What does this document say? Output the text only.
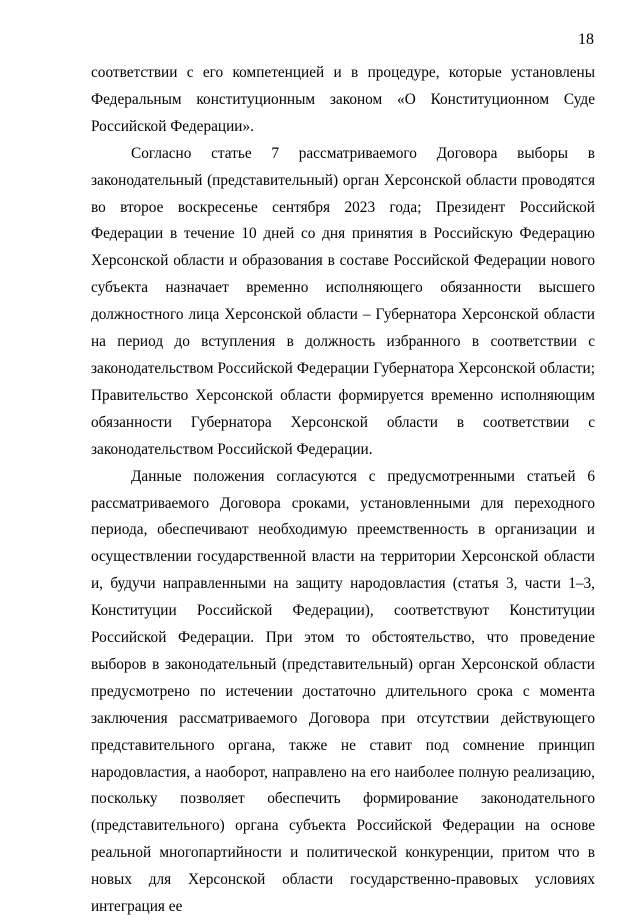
18

соответствии с его компетенцией и в процедуре, которые установлены Федеральным конституционным законом «О Конституционном Суде Российской Федерации».

Согласно статье 7 рассматриваемого Договора выборы в законодательный (представительный) орган Херсонской области проводятся во второе воскресенье сентября 2023 года; Президент Российской Федерации в течение 10 дней со дня принятия в Российскую Федерацию Херсонской области и образования в составе Российской Федерации нового субъекта назначает временно исполняющего обязанности высшего должностного лица Херсонской области – Губернатора Херсонской области на период до вступления в должность избранного в соответствии с законодательством Российской Федерации Губернатора Херсонской области; Правительство Херсонской области формируется временно исполняющим обязанности Губернатора Херсонской области в соответствии с законодательством Российской Федерации.

Данные положения согласуются с предусмотренными статьей 6 рассматриваемого Договора сроками, установленными для переходного периода, обеспечивают необходимую преемственность в организации и осуществлении государственной власти на территории Херсонской области и, будучи направленными на защиту народовластия (статья 3, части 1–3, Конституции Российской Федерации), соответствуют Конституции Российской Федерации. При этом то обстоятельство, что проведение выборов в законодательный (представительный) орган Херсонской области предусмотрено по истечении достаточно длительного срока с момента заключения рассматриваемого Договора при отсутствии действующего представительного органа, также не ставит под сомнение принцип народовластия, а наоборот, направлено на его наиболее полную реализацию, поскольку позволяет обеспечить формирование законодательного (представительного) органа субъекта Российской Федерации на основе реальной многопартийности и политической конкуренции, притом что в новых для Херсонской области государственно-правовых условиях интеграция ее
